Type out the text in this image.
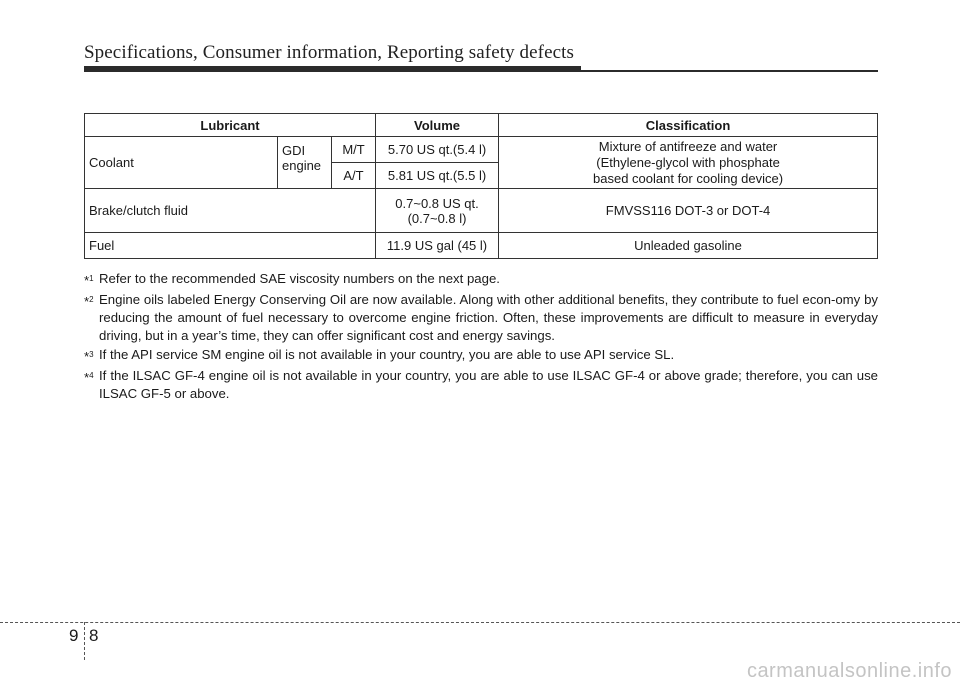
Specifications, Consumer information, Reporting safety defects
Lubricant			Volume	Classification
Coolant	GDI engine	M/T	5.70 US qt.(5.4 l)	Mixture of antifreeze and water
(Ethylene-glycol with phosphate
based coolant for cooling device)

		A/T	5.81 US qt.(5.5 l)	
Brake/clutch fluid			0.7~0.8 US qt.
(0.7~0.8 l)	FMVSS116 DOT-3 or DOT-4
Fuel			11.9 US gal (45 l)	Unleaded gasoline
*$^1$ Refer to the recommended SAE viscosity numbers on the next page.
*$^2$ Engine oils labeled Energy Conserving Oil are now available. Along with other additional benefits, they contribute to fuel econ-omy by reducing the amount of fuel necessary to overcome engine friction. Often, these improvements are difficult to measure in everyday driving, but in a year’s time, they can offer significant cost and energy savings.
*$^3$ If the API service SM engine oil is not available in your country, you are able to use API service SL.
*$^4$ If the ILSAC GF-4 engine oil is not available in your country, you are able to use ILSAC GF-4 or above grade; therefore, you can use ILSAC GF-5 or above.
9 8
carmanualsonline.info
